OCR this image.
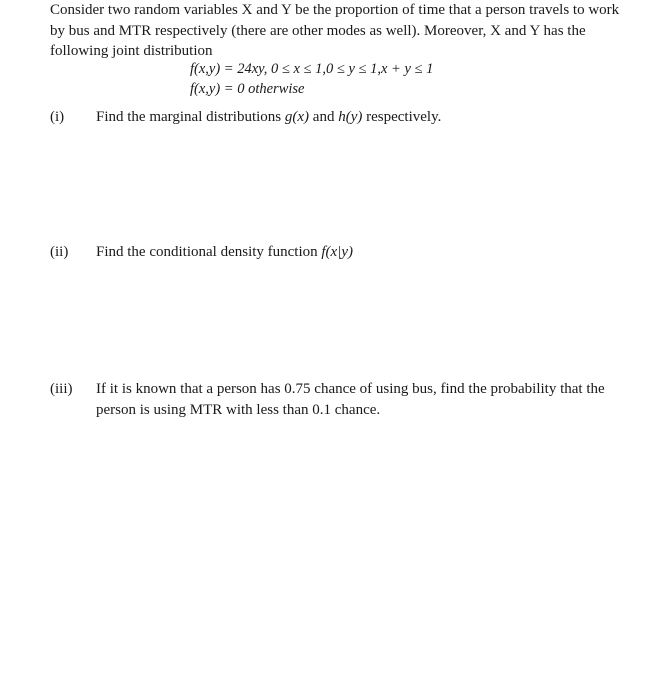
Consider two random variables X and Y be the proportion of time that a person travels to work by bus and MTR respectively (there are other modes as well). Moreover, X and Y has the following joint distribution

f(x,y) = 24xy, 0 ≤ x ≤ 1,0 ≤ y ≤ 1,x + y ≤ 1
f(x,y) = 0 otherwise
(i) Find the marginal distributions g(x) and h(y) respectively.
(ii) Find the conditional density function f(x|y)
(iii) If it is known that a person has 0.75 chance of using bus, find the probability that the person is using MTR with less than 0.1 chance.
